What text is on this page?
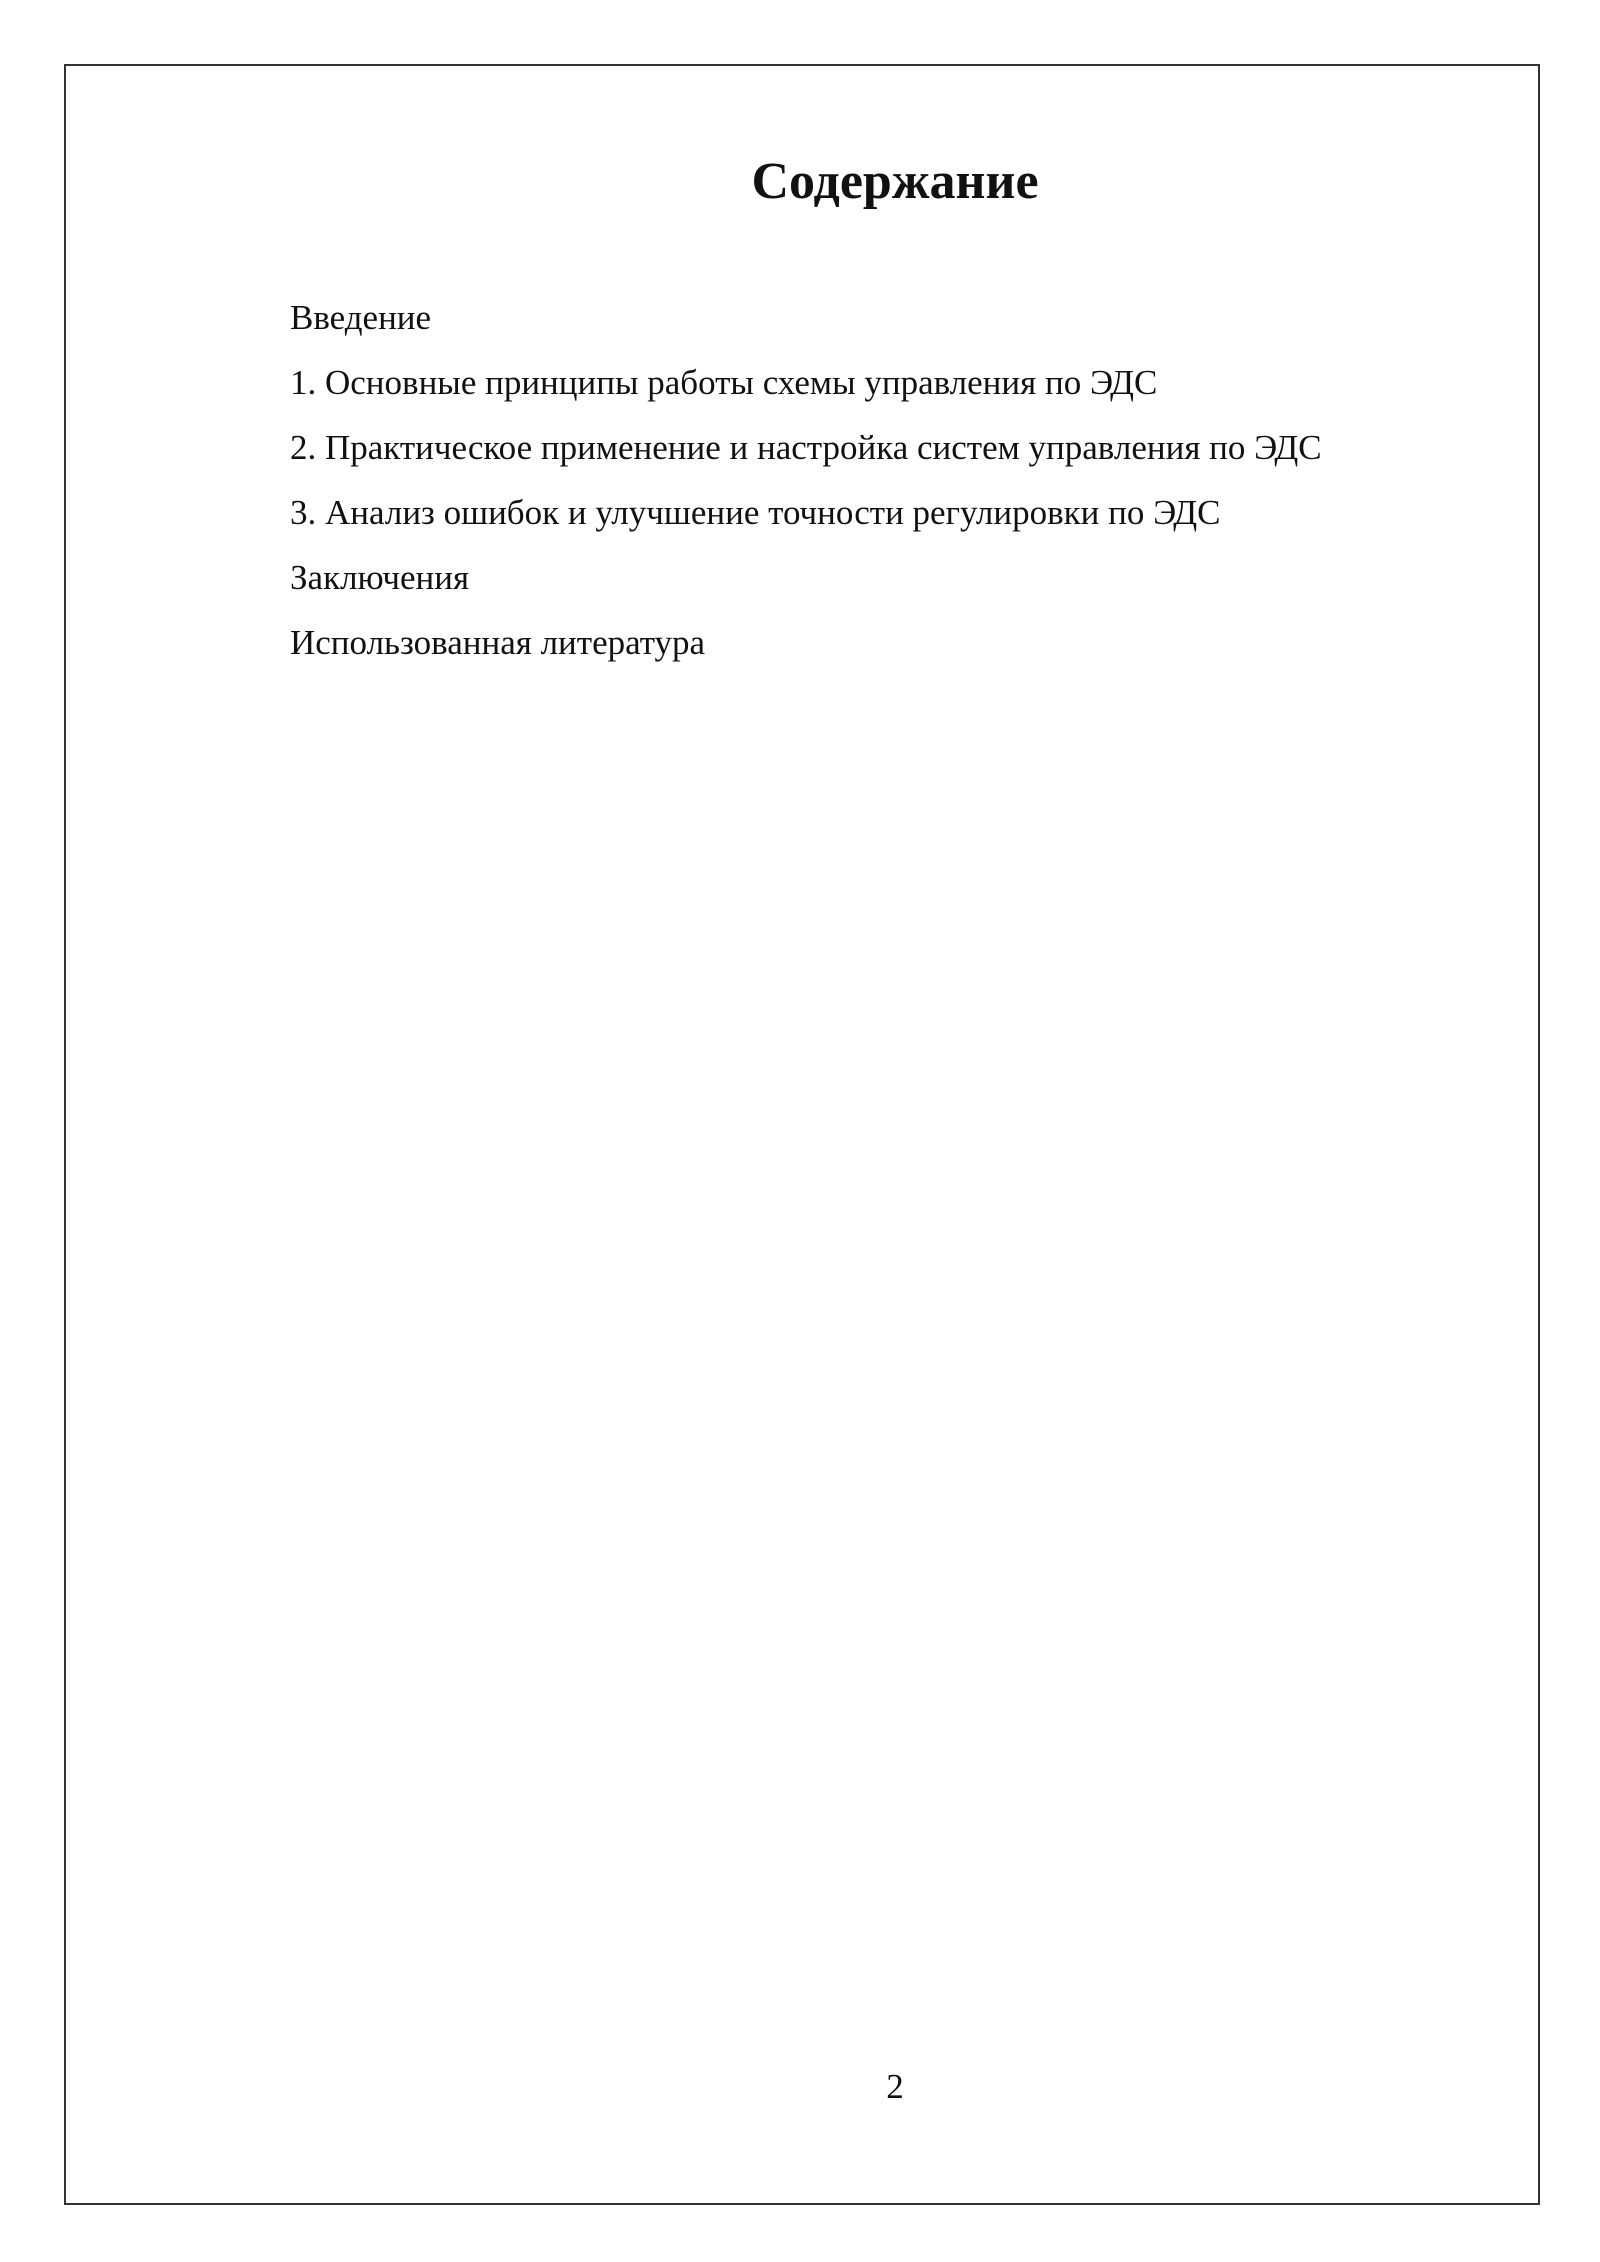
Содержание
Введение
1. Основные принципы работы схемы управления по ЭДС
2. Практическое применение и настройка систем управления по ЭДС
3. Анализ ошибок и улучшение точности регулировки по ЭДС
Заключения
Использованная литература
2
